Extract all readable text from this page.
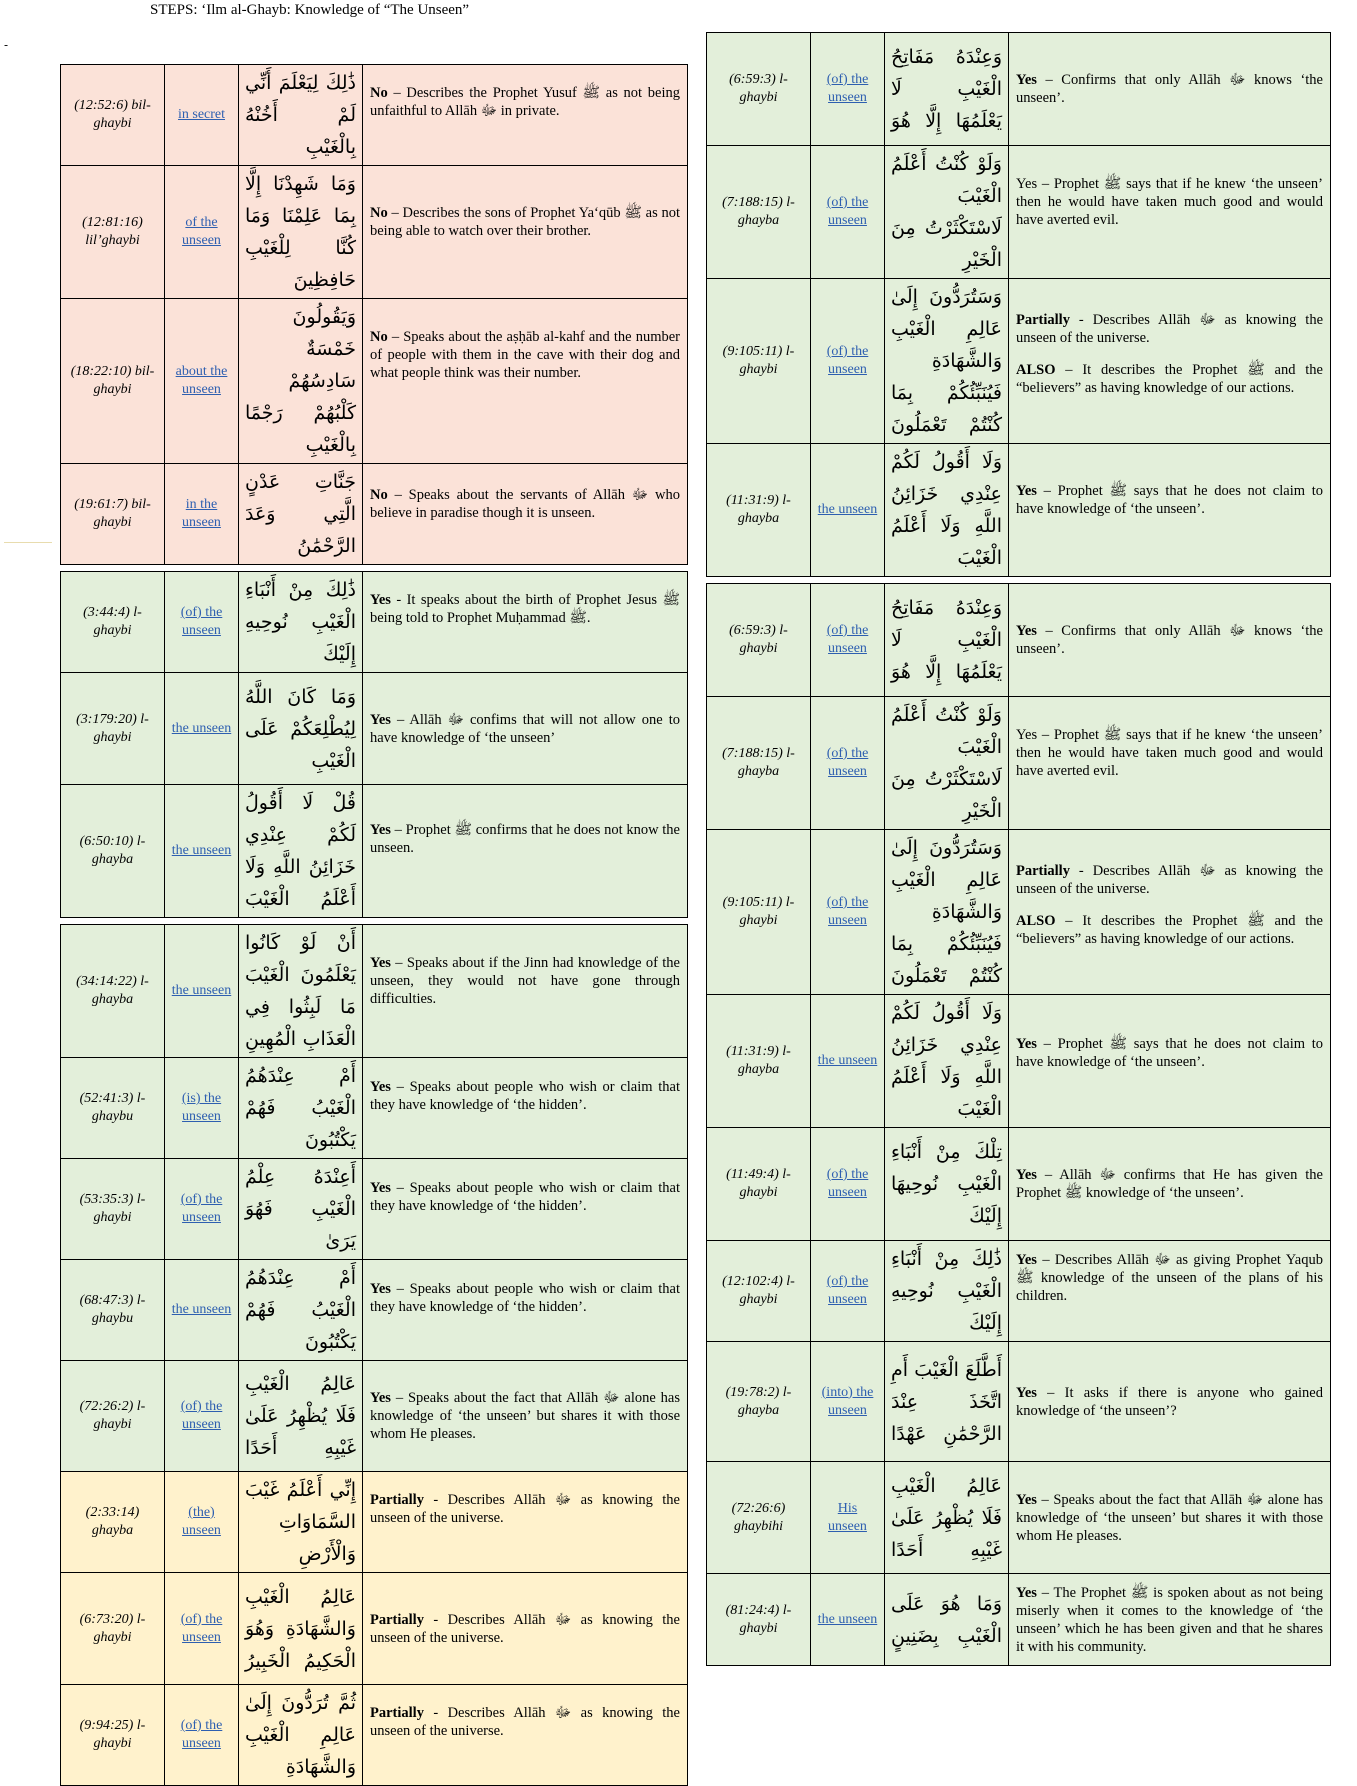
STEPS: ‘Ilm al-Ghayb: Knowledge of “The Unseen”
-
(12:52:6) bil-ghaybi
in secret
ذَٰلِكَ لِيَعْلَمَ أَنِّي لَمْ أَخُنْهُ بِالْغَيْبِ

No – Describes the Prophet Yusuf ﷺ as not being unfaithful to Allāh ﷻ in private.

(12:81:16) lil’ghaybi
of the unseen
وَمَا شَهِدْنَا إِلَّا بِمَا عَلِمْنَا وَمَا كُنَّا لِلْغَيْبِ حَافِظِينَ

No – Describes the sons of Prophet Ya‘qūb ﷺ as not being able to watch over their brother.

(18:22:10) bil-ghaybi
about the unseen
وَيَقُولُونَ خَمْسَةٌ سَادِسُهُمْ كَلْبُهُمْ رَجْمًا بِالْغَيْبِ

No – Speaks about the aṣḥāb al-kahf and the number of people with them in the cave with their dog and what people think was their number.

(19:61:7) bil-ghaybi
in the unseen
جَنَّاتِ عَدْنٍ الَّتِي وَعَدَ الرَّحْمَٰنُ

No – Speaks about the servants of Allāh ﷻ who believe in paradise though it is unseen.

(3:44:4) l-ghaybi
(of) the unseen
ذَٰلِكَ مِنْ أَنْبَاءِ الْغَيْبِ نُوحِيهِ إِلَيْكَ

Yes - It speaks about the birth of Prophet Jesus ﷺ being told to Prophet Muḥammad ﷺ.

(3:179:20) l-ghaybi
the unseen
وَمَا كَانَ اللَّهُ لِيُطْلِعَكُمْ عَلَى الْغَيْبِ

Yes – Allāh ﷻ confims that will not allow one to have knowledge of ‘the unseen’

(6:50:10) l-ghayba
the unseen
قُلْ لَا أَقُولُ لَكُمْ عِنْدِي خَزَائِنُ اللَّهِ وَلَا أَعْلَمُ الْغَيْبَ

Yes – Prophet ﷺ confirms that he does not know the unseen.

(34:14:22) l-ghayba
the unseen
أَنْ لَوْ كَانُوا يَعْلَمُونَ الْغَيْبَ مَا لَبِثُوا فِي الْعَذَابِ الْمُهِينِ

Yes – Speaks about if the Jinn had knowledge of the unseen, they would not have gone through difficulties.

(52:41:3) l-ghaybu
(is) the unseen
أَمْ عِنْدَهُمُ الْغَيْبُ فَهُمْ يَكْتُبُونَ

Yes – Speaks about people who wish or claim that they have knowledge of ‘the hidden’.

(53:35:3) l-ghaybi
(of) the unseen
أَعِنْدَهُ عِلْمُ الْغَيْبِ فَهُوَ يَرَىٰ

Yes – Speaks about people who wish or claim that they have knowledge of ‘the hidden’.

(68:47:3) l-ghaybu
the unseen
أَمْ عِنْدَهُمُ الْغَيْبُ فَهُمْ يَكْتُبُونَ

Yes – Speaks about people who wish or claim that they have knowledge of ‘the hidden’.

(72:26:2) l-ghaybi
(of) the unseen
عَالِمُ الْغَيْبِ فَلَا يُظْهِرُ عَلَىٰ غَيْبِهِ أَحَدًا

Yes – Speaks about the fact that Allāh ﷻ alone has knowledge of ‘the unseen’ but shares it with those whom He pleases.

(2:33:14) ghayba
(the) unseen
إِنِّي أَعْلَمُ غَيْبَ السَّمَاوَاتِ وَالْأَرْضِ

Partially - Describes Allāh ﷻ as knowing the unseen of the universe.

(6:73:20) l-ghaybi
(of) the unseen
عَالِمُ الْغَيْبِ وَالشَّهَادَةِ وَهُوَ الْحَكِيمُ الْخَبِيرُ

Partially - Describes Allāh ﷻ as knowing the unseen of the universe.

(9:94:25) l-ghaybi
(of) the unseen
ثُمَّ تُرَدُّونَ إِلَىٰ عَالِمِ الْغَيْبِ وَالشَّهَادَةِ

Partially - Describes Allāh ﷻ as knowing the unseen of the universe.

(6:59:3) l-ghaybi
(of) the unseen
وَعِنْدَهُ مَفَاتِحُ الْغَيْبِ لَا يَعْلَمُهَا إِلَّا هُوَ

Yes – Confirms that only Allāh ﷻ knows ‘the unseen’.

(7:188:15) l-ghayba
(of) the unseen
وَلَوْ كُنْتُ أَعْلَمُ الْغَيْبَ لَاسْتَكْثَرْتُ مِنَ الْخَيْرِ

Yes – Prophet ﷺ says that if he knew ‘the unseen’ then he would have taken much good and would have averted evil.

(9:105:11) l-ghaybi
(of) the unseen
وَسَتُرَدُّونَ إِلَىٰ عَالِمِ الْغَيْبِ وَالشَّهَادَةِ فَيُنَبِّئُكُمْ بِمَا كُنْتُمْ تَعْمَلُونَ

Partially - Describes Allāh ﷻ as knowing the unseen of the universe.

ALSO – It describes the Prophet ﷺ and the “believers” as having knowledge of our actions.

(11:31:9) l-ghayba
the unseen
وَلَا أَقُولُ لَكُمْ عِنْدِي خَزَائِنُ اللَّهِ وَلَا أَعْلَمُ الْغَيْبَ

Yes – Prophet ﷺ says that he does not claim to have knowledge of ‘the unseen’.

(6:59:3) l-ghaybi
(of) the unseen
وَعِنْدَهُ مَفَاتِحُ الْغَيْبِ لَا يَعْلَمُهَا إِلَّا هُوَ

Yes – Confirms that only Allāh ﷻ knows ‘the unseen’.

(7:188:15) l-ghayba
(of) the unseen
وَلَوْ كُنْتُ أَعْلَمُ الْغَيْبَ لَاسْتَكْثَرْتُ مِنَ الْخَيْرِ

Yes – Prophet ﷺ says that if he knew ‘the unseen’ then he would have taken much good and would have averted evil.

(9:105:11) l-ghaybi
(of) the unseen
وَسَتُرَدُّونَ إِلَىٰ عَالِمِ الْغَيْبِ وَالشَّهَادَةِ فَيُنَبِّئُكُمْ بِمَا كُنْتُمْ تَعْمَلُونَ

Partially - Describes Allāh ﷻ as knowing the unseen of the universe.

ALSO – It describes the Prophet ﷺ and the “believers” as having knowledge of our actions.

(11:31:9) l-ghayba
the unseen
وَلَا أَقُولُ لَكُمْ عِنْدِي خَزَائِنُ اللَّهِ وَلَا أَعْلَمُ الْغَيْبَ

Yes – Prophet ﷺ says that he does not claim to have knowledge of ‘the unseen’.

(11:49:4) l-ghaybi
(of) the unseen
تِلْكَ مِنْ أَنْبَاءِ الْغَيْبِ نُوحِيهَا إِلَيْكَ

Yes – Allāh ﷻ confirms that He has given the Prophet ﷺ knowledge of ‘the unseen’.

(12:102:4) l-ghaybi
(of) the unseen
ذَٰلِكَ مِنْ أَنْبَاءِ الْغَيْبِ نُوحِيهِ إِلَيْكَ

Yes – Describes Allāh ﷻ as giving Prophet Yaqub ﷺ knowledge of the unseen of the plans of his children.

(19:78:2) l-ghayba
(into) the unseen
أَطَّلَعَ الْغَيْبَ أَمِ اتَّخَذَ عِنْدَ الرَّحْمَٰنِ عَهْدًا

Yes – It asks if there is anyone who gained knowledge of ‘the unseen’?

(72:26:6) ghaybihi
His unseen
عَالِمُ الْغَيْبِ فَلَا يُظْهِرُ عَلَىٰ غَيْبِهِ أَحَدًا

Yes – Speaks about the fact that Allāh ﷻ alone has knowledge of ‘the unseen’ but shares it with those whom He pleases.

(81:24:4) l-ghaybi
the unseen
وَمَا هُوَ عَلَى الْغَيْبِ بِضَنِينٍ

Yes – The Prophet ﷺ is spoken about as not being miserly when it comes to the knowledge of ‘the unseen’ which he has been given and that he shares it with his community.
